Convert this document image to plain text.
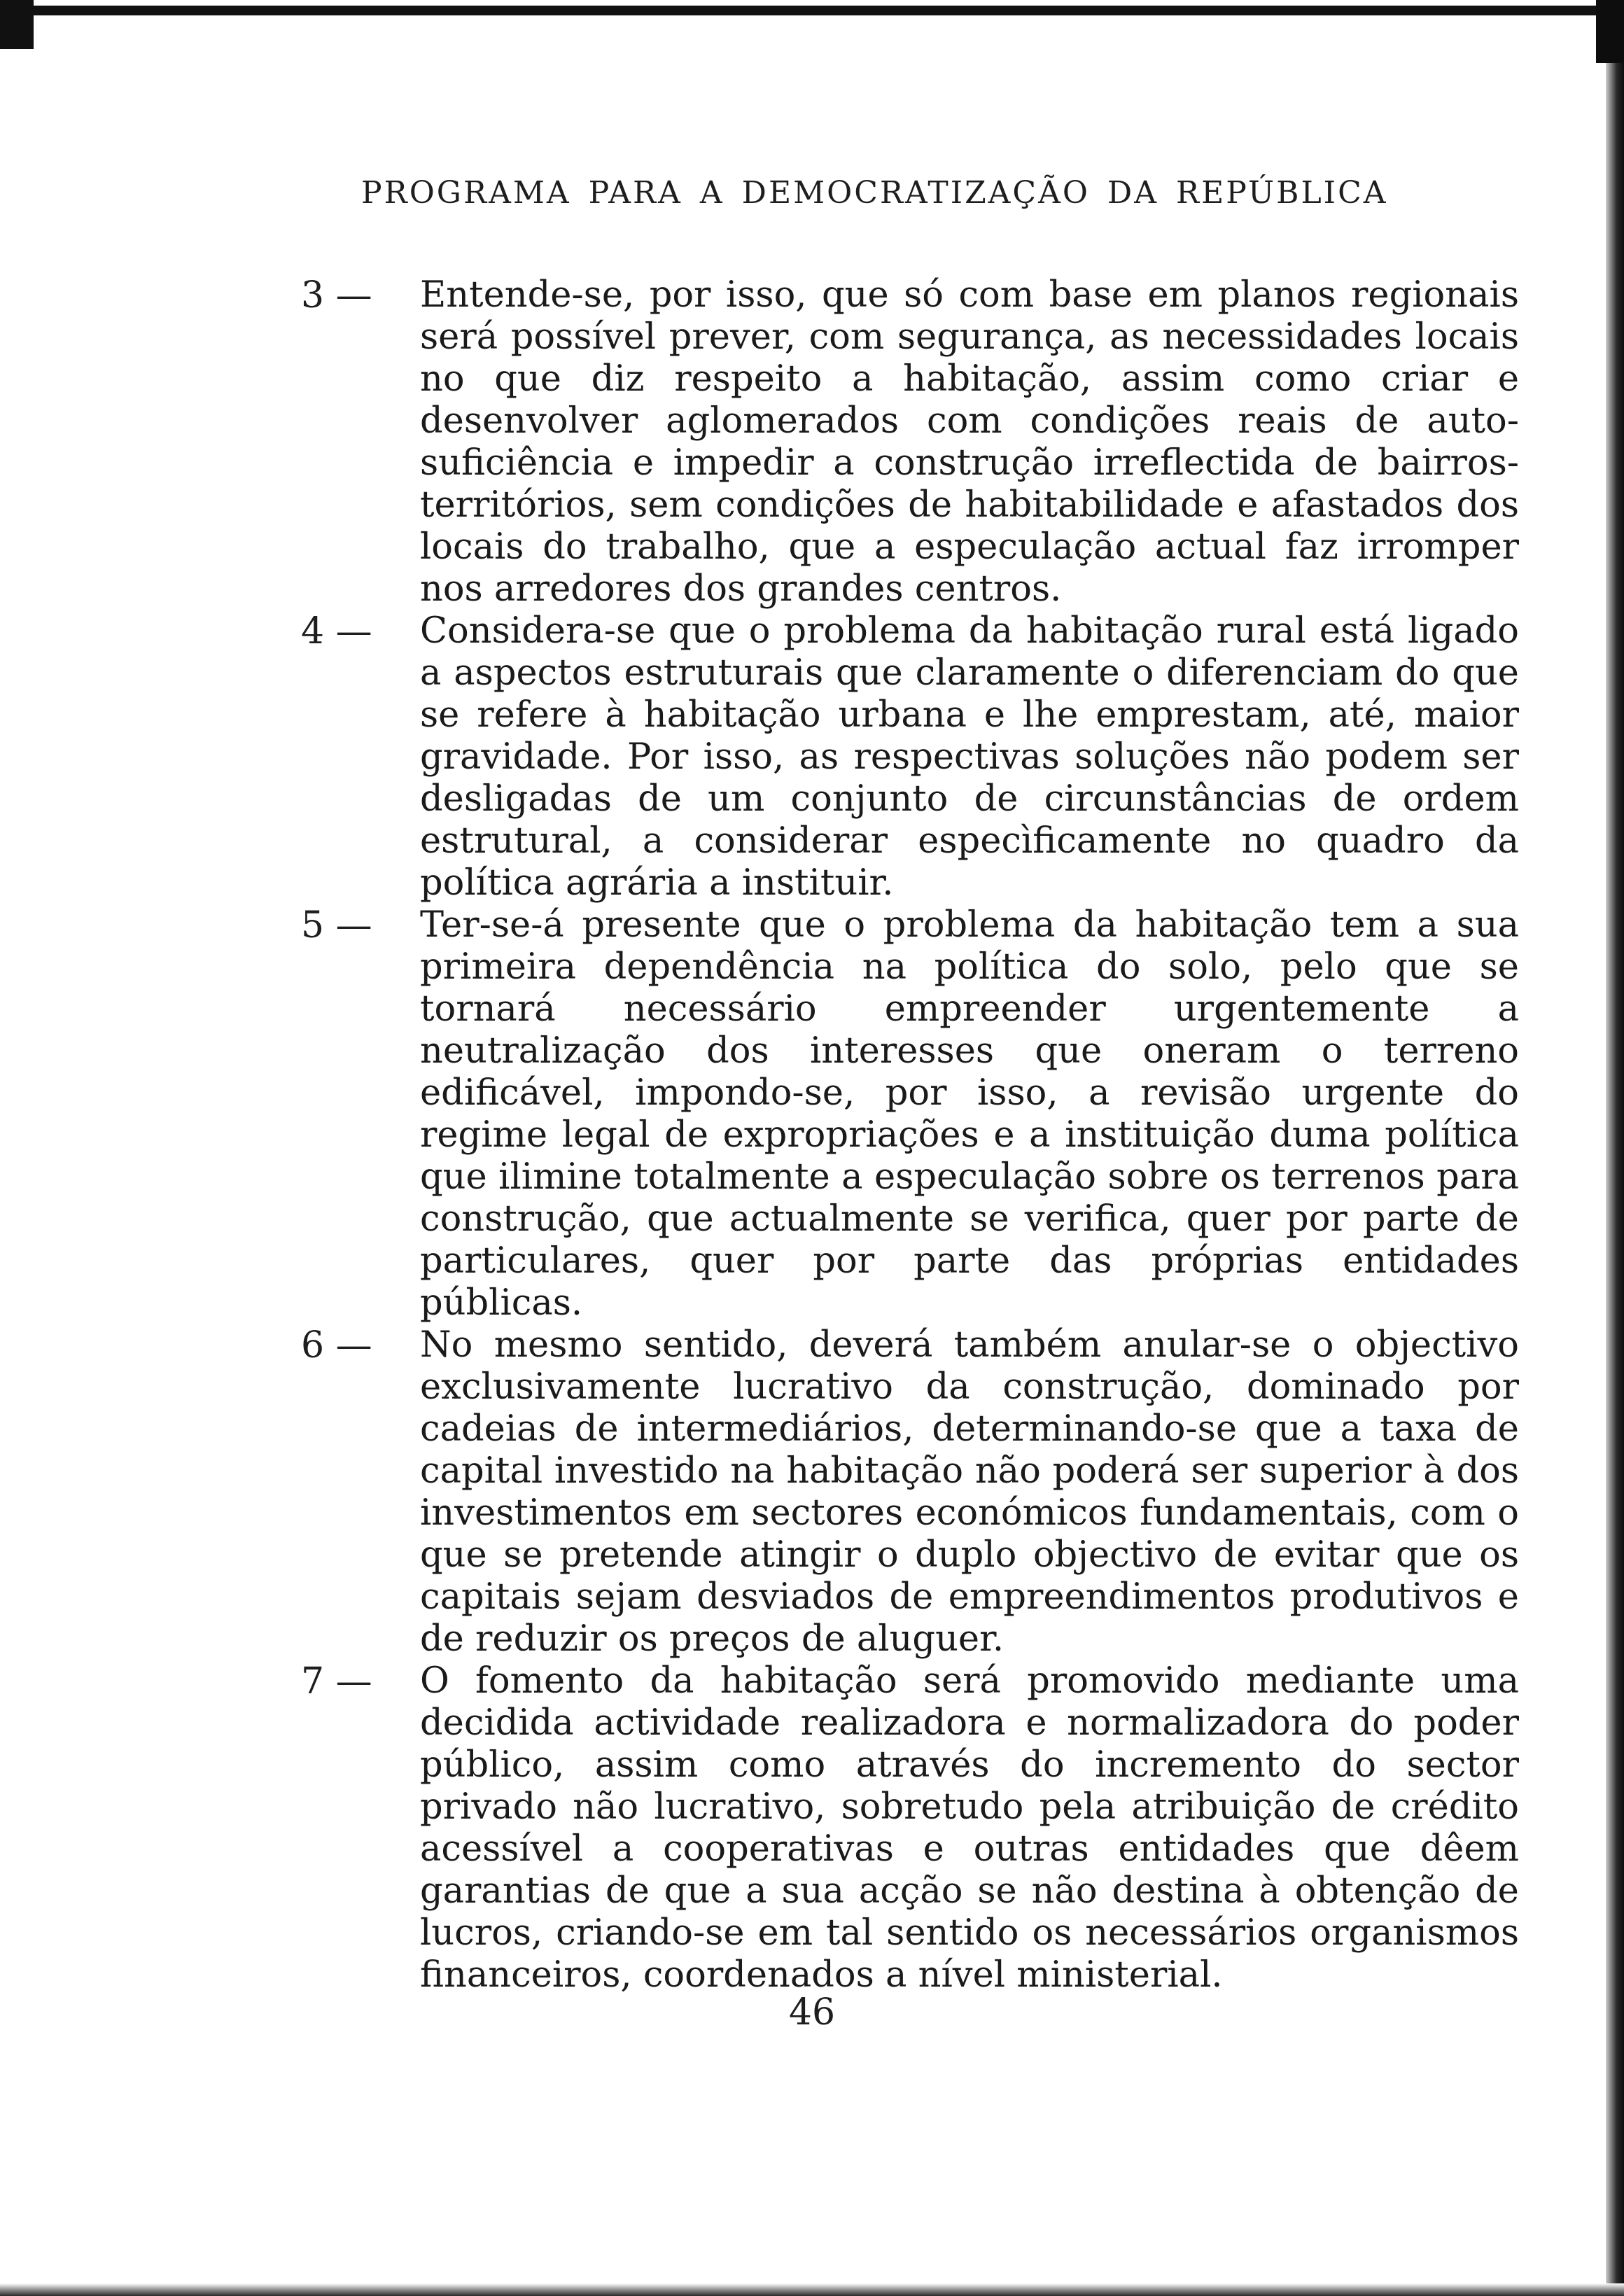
PROGRAMA PARA A DEMOCRATIZAÇÃO DA REPÚBLICA
3 —	Entende-se, por isso, que só com base em planos regionais será possível prever, com segurança, as necessidades locais no que diz respeito a habitação, assim como criar e desenvolver aglomerados com condições reais de auto-suficiência e impedir a construção irreflectida de bairros-territórios, sem condições de habitabilidade e afastados dos locais do trabalho, que a especulação actual faz irromper nos arredores dos grandes centros.

4 —	Considera-se que o problema da habitação rural está ligado a aspectos estruturais que claramente o diferenciam do que se refere à habitação urbana e lhe emprestam, até, maior gravidade. Por isso, as respectivas soluções não podem ser desligadas de um conjunto de circunstâncias de ordem estrutural, a considerar especìficamente no quadro da política agrária a instituir.

5 —	Ter-se-á presente que o problema da habitação tem a sua primeira dependência na política do solo, pelo que se tornará necessário empreender urgentemente a neutralização dos interesses que oneram o terreno edificável, impondo-se, por isso, a revisão urgente do regime legal de expropriações e a instituição duma política que ilimine totalmente a especulação sobre os terrenos para construção, que actualmente se verifica, quer por parte de particulares, quer por parte das próprias entidades públicas.

6 —	No mesmo sentido, deverá também anular-se o objectivo exclusivamente lucrativo da construção, dominado por cadeias de intermediários, determinando-se que a taxa de capital investido na habitação não poderá ser superior à dos investimentos em sectores económicos fundamentais, com o que se pretende atingir o duplo objectivo de evitar que os capitais sejam desviados de empreendimentos produtivos e de reduzir os preços de aluguer.

7 —	O fomento da habitação será promovido mediante uma decidida actividade realizadora e normalizadora do poder público, assim como através do incremento do sector privado não lucrativo, sobretudo pela atribuição de crédito acessível a cooperativas e outras entidades que dêem garantias de que a sua acção se não destina à obtenção de lucros, criando-se em tal sentido os necessários organismos financeiros, coordenados a nível ministerial.

46
